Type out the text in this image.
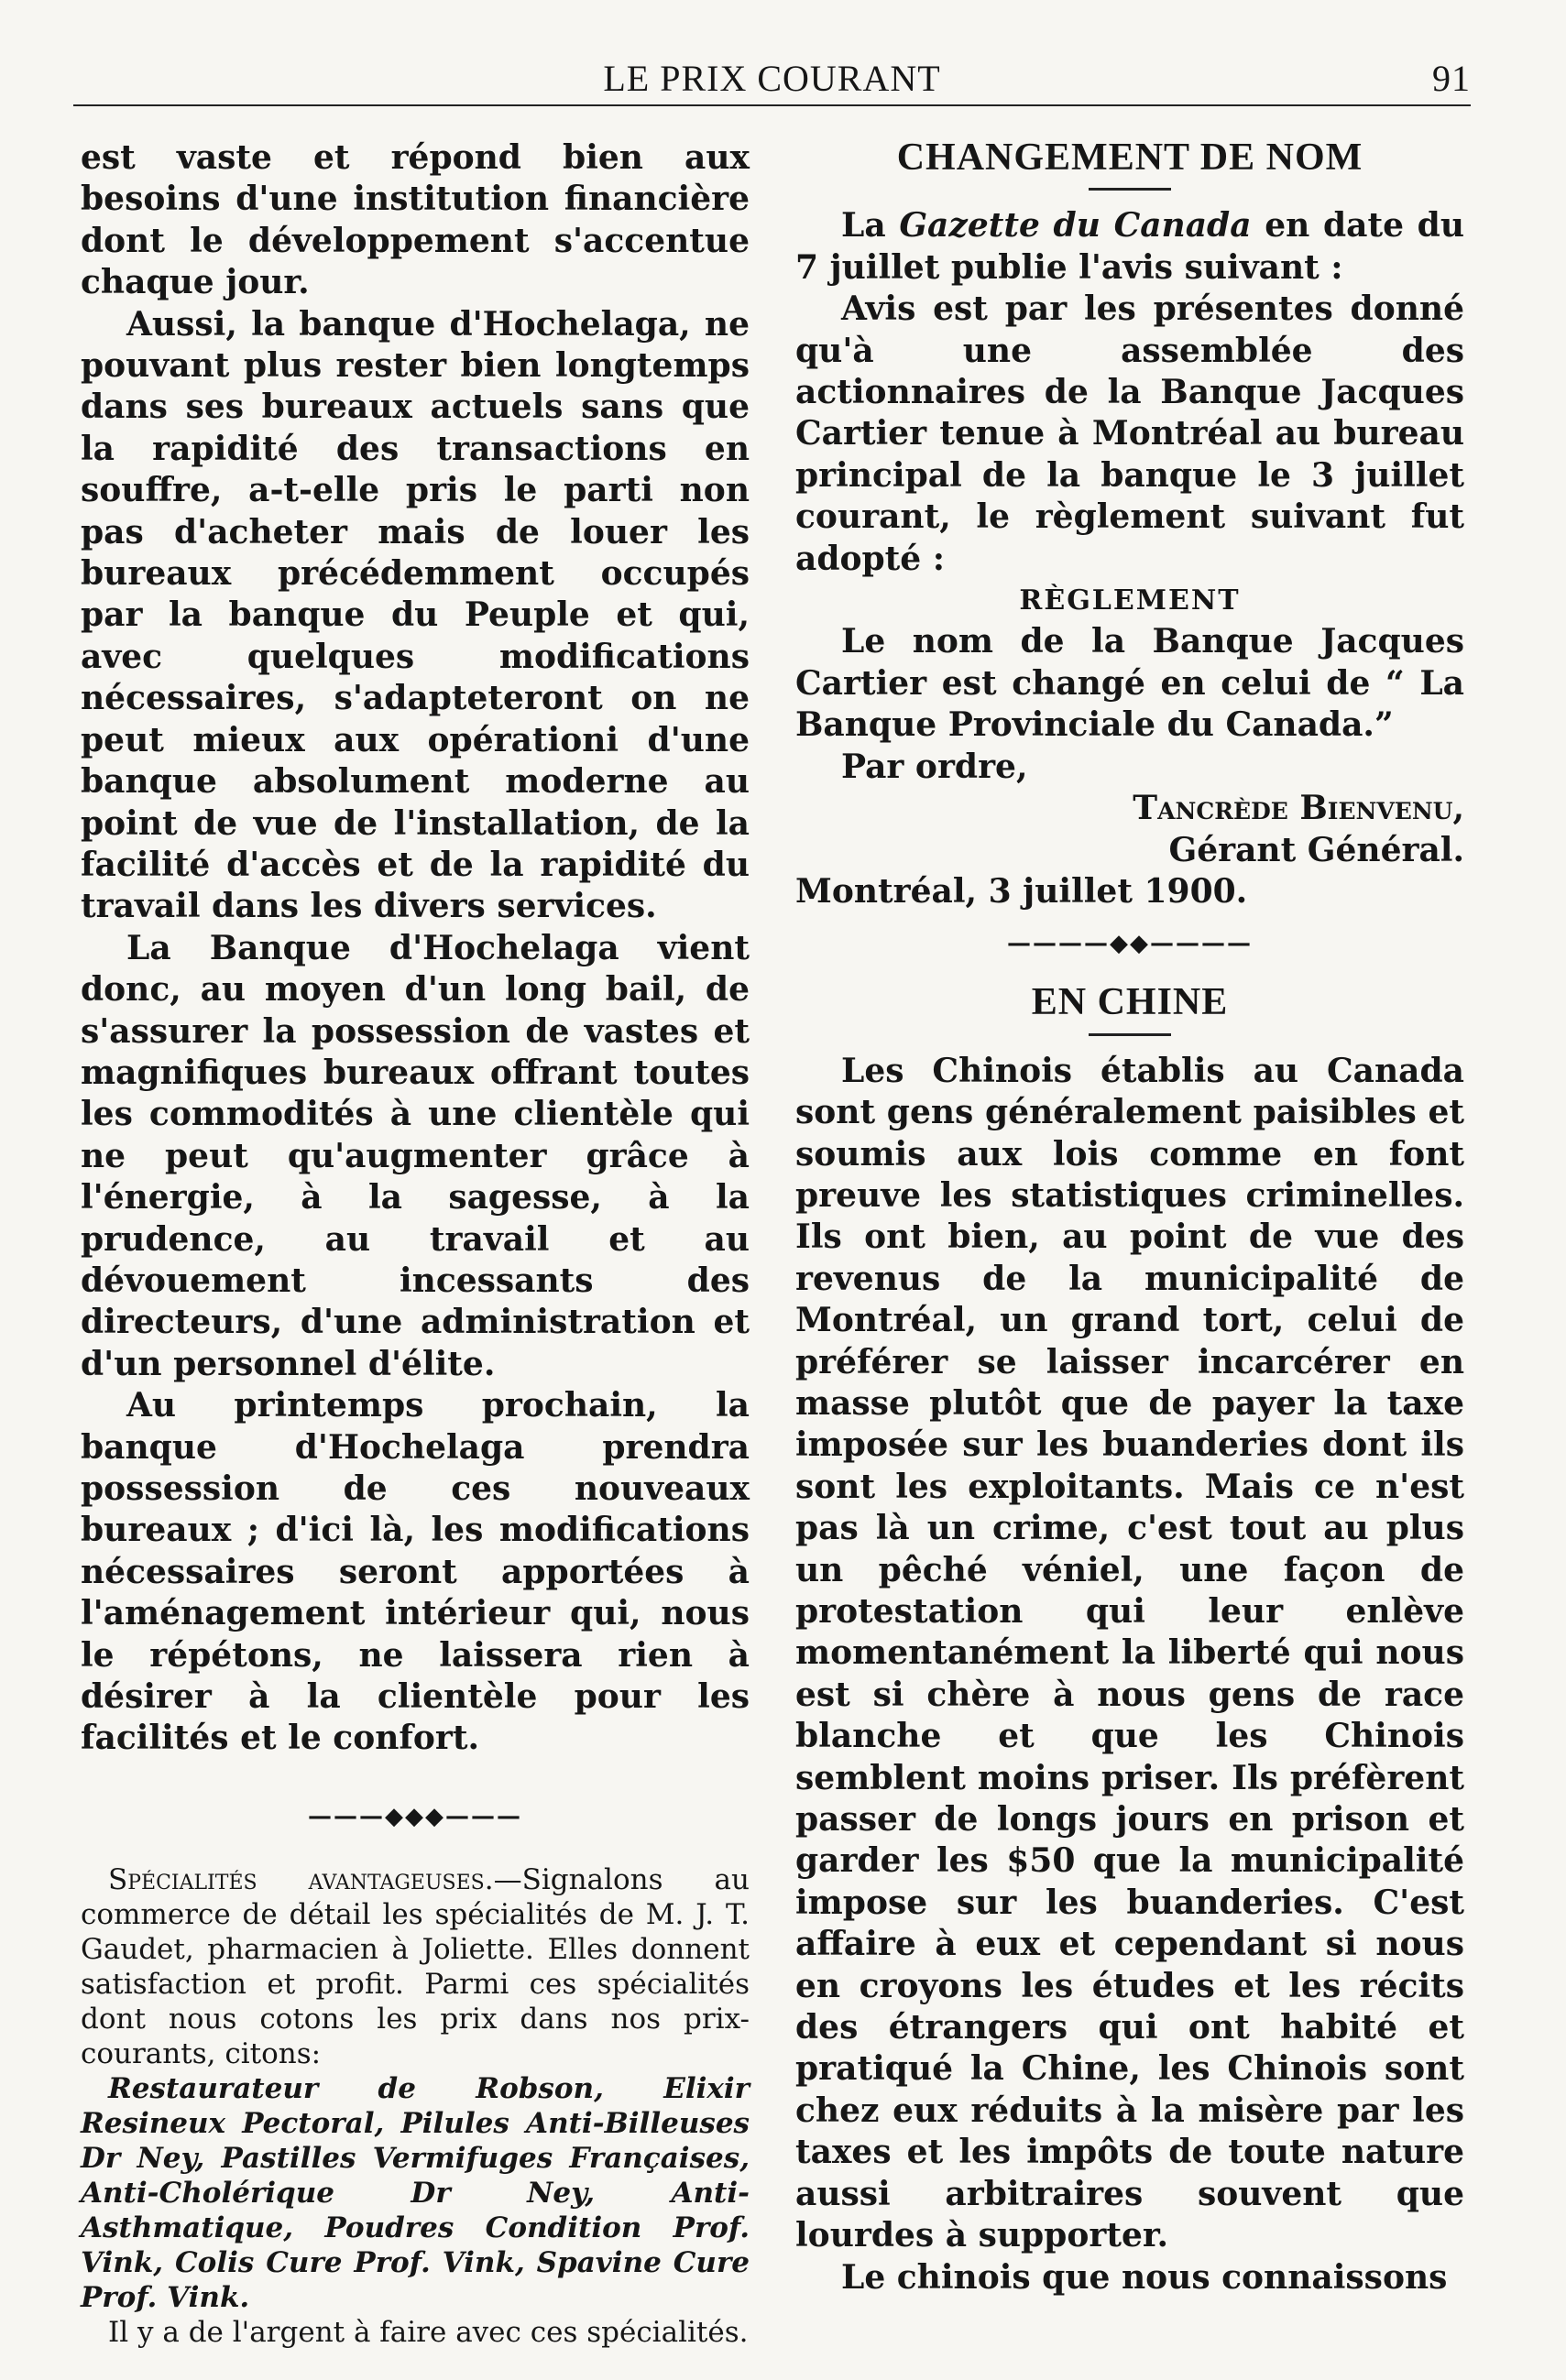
LE PRIX COURANT	91

est vaste et répond bien aux besoins d'une institution financière dont le développement s'accentue chaque jour.

Aussi, la banque d'Hochelaga, ne pouvant plus rester bien longtemps dans ses bureaux actuels sans que la rapidité des transactions en souffre, a-t-elle pris le parti non pas d'acheter mais de louer les bureaux précédemment occupés par la banque du Peuple et qui, avec quelques modifications nécessaires, s'adapteteront on ne peut mieux aux opérationi d'une banque absolument moderne au point de vue de l'installation, de la facilité d'accès et de la rapidité du travail dans les divers services.

La Banque d'Hochelaga vient donc, au moyen d'un long bail, de s'assurer la possession de vastes et magnifiques bureaux offrant toutes les commodités à une clientèle qui ne peut qu'augmenter grâce à l'énergie, à la sagesse, à la prudence, au travail et au dévouement incessants des directeurs, d'une administration et d'un personnel d'élite.

Au printemps prochain, la banque d'Hochelaga prendra possession de ces nouveaux bureaux ; d'ici là, les modifications nécessaires seront apportées à l'aménagement intérieur qui, nous le répétons, ne laissera rien à désirer à la clientèle pour les facilités et le confort.

———◆◆◆———

Spécialités avantageuses.—Signalons au commerce de détail les spécialités de M. J. T. Gaudet, pharmacien à Joliette. Elles donnent satisfaction et profit. Parmi ces spécialités dont nous cotons les prix dans nos prix-courants, citons:

Restaurateur de Robson, Elixir Resineux Pectoral, Pilules Anti-Billeuses Dr Ney, Pastilles Vermifuges Françaises, Anti-Cholérique Dr Ney, Anti-Asthmatique, Poudres Condition Prof. Vink, Colis Cure Prof. Vink, Spavine Cure Prof. Vink.

Il y a de l'argent à faire avec ces spécialités.

CHANGEMENT DE NOM

La Gazette du Canada en date du 7 juillet publie l'avis suivant :

Avis est par les présentes donné qu'à une assemblée des actionnaires de la Banque Jacques Cartier tenue à Montréal au bureau principal de la banque le 3 juillet courant, le règlement suivant fut adopté :

RÈGLEMENT

Le nom de la Banque Jacques Cartier est changé en celui de “ La Banque Provinciale du Canada.”

Par ordre,

Tancrède Bienvenu,

Gérant Général.

Montréal, 3 juillet 1900.

————◆◆————
EN CHINE

Les Chinois établis au Canada sont gens généralement paisibles et soumis aux lois comme en font preuve les statistiques criminelles. Ils ont bien, au point de vue des revenus de la municipalité de Montréal, un grand tort, celui de préférer se laisser incarcérer en masse plutôt que de payer la taxe imposée sur les buanderies dont ils sont les exploitants. Mais ce n'est pas là un crime, c'est tout au plus un pêché véniel, une façon de protestation qui leur enlève momentanément la liberté qui nous est si chère à nous gens de race blanche et que les Chinois semblent moins priser. Ils préfèrent passer de longs jours en prison et garder les $50 que la municipalité impose sur les buanderies. C'est affaire à eux et cependant si nous en croyons les études et les récits des étrangers qui ont habité et pratiqué la Chine, les Chinois sont chez eux réduits à la misère par les taxes et les impôts de toute nature aussi arbitraires souvent que lourdes à supporter.

Le chinois que nous connaissons
